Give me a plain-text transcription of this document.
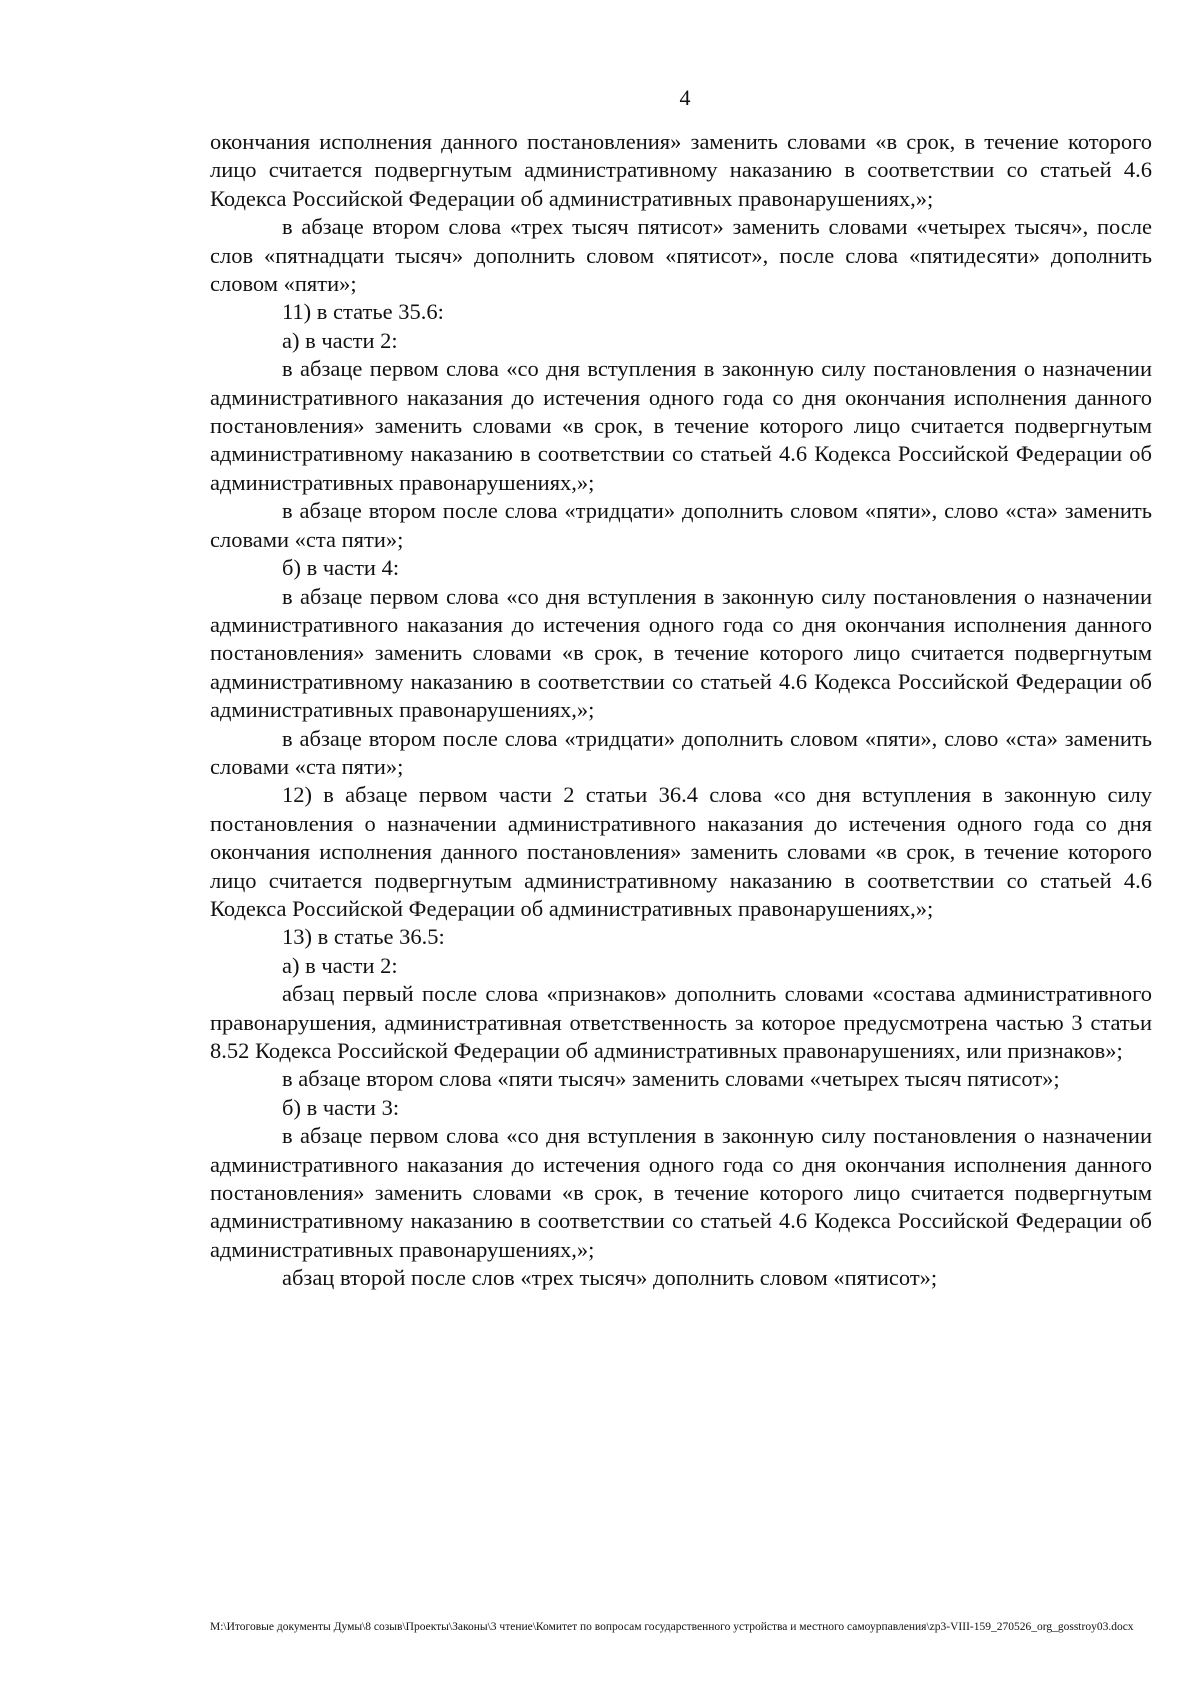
4

окончания исполнения данного постановления» заменить словами «в срок, в течение которого лицо считается подвергнутым административному наказанию в соответствии со статьей 4.6 Кодекса Российской Федерации об административных правонарушениях,»;

в абзаце втором слова «трех тысяч пятисот» заменить словами «четырех тысяч», после слов «пятнадцати тысяч» дополнить словом «пятисот», после слова «пятидесяти» дополнить словом «пяти»;

11) в статье 35.6:

а) в части 2:

в абзаце первом слова «со дня вступления в законную силу постановления о назначении административного наказания до истечения одного года со дня окончания исполнения данного постановления» заменить словами «в срок, в течение которого лицо считается подвергнутым административному наказанию в соответствии со статьей 4.6 Кодекса Российской Федерации об административных правонарушениях,»;

в абзаце втором после слова «тридцати» дополнить словом «пяти», слово «ста» заменить словами «ста пяти»;

б) в части 4:

в абзаце первом слова «со дня вступления в законную силу постановления о назначении административного наказания до истечения одного года со дня окончания исполнения данного постановления» заменить словами «в срок, в течение которого лицо считается подвергнутым административному наказанию в соответствии со статьей 4.6 Кодекса Российской Федерации об административных правонарушениях,»;

в абзаце втором после слова «тридцати» дополнить словом «пяти», слово «ста» заменить словами «ста пяти»;

12) в абзаце первом части 2 статьи 36.4 слова «со дня вступления в законную силу постановления о назначении административного наказания до истечения одного года со дня окончания исполнения данного постановления» заменить словами «в срок, в течение которого лицо считается подвергнутым административному наказанию в соответствии со статьей 4.6 Кодекса Российской Федерации об административных правонарушениях,»;

13) в статье 36.5:

а) в части 2:

абзац первый после слова «признаков» дополнить словами «состава административного правонарушения, административная ответственность за которое предусмотрена частью 3 статьи 8.52 Кодекса Российской Федерации об административных правонарушениях, или признаков»;

в абзаце втором слова «пяти тысяч» заменить словами «четырех тысяч пятисот»;

б) в части 3:

в абзаце первом слова «со дня вступления в законную силу постановления о назначении административного наказания до истечения одного года со дня окончания исполнения данного постановления» заменить словами «в срок, в течение которого лицо считается подвергнутым административному наказанию в соответствии со статьей 4.6 Кодекса Российской Федерации об административных правонарушениях,»;

абзац второй после слов «трех тысяч» дополнить словом «пятисот»;

М:\Итоговые документы Думы\8 созыв\Проекты\Законы\3 чтение\Комитет по вопросам государственного устройства и местного самоурпавления\zp3-VIII-159_270526_org_gosstroy03.docx
